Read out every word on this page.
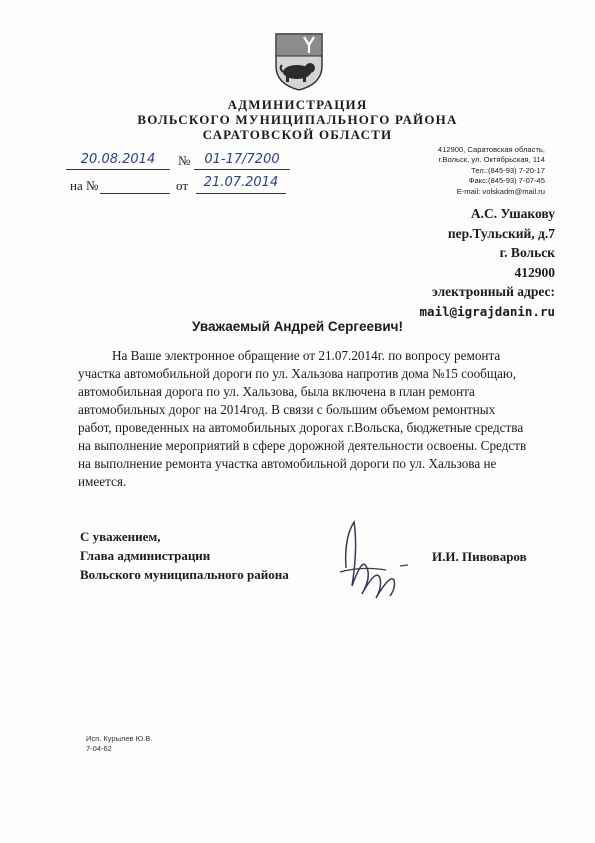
АДМИНИСТРАЦИЯ
ВОЛЬСКОГО МУНИЦИПАЛЬНОГО РАЙОНА
САРАТОВСКОЙ ОБЛАСТИ
412900, Саратовская область,
г.Вольск, ул. Октябрьская, 114
Тел.:(845-93) 7-20-17
Факс:(845-93) 7-07-45
E-mail: volskadm@mail.ru
20.08.2014	№	01-17/7200
на №	от	21.07.2014
А.С. Ушакову
пер.Тульский, д.7
г. Вольск
412900
электронный адрес:
mail@igrajdanin.ru
Уважаемый Андрей Сергеевич!
На Ваше электронное обращение от 21.07.2014г. по вопросу ремонта
участка автомобильной дороги по ул. Хальзова напротив дома №15 сообщаю,
автомобильная дорога по ул. Хальзова, была включена в план ремонта
автомобильных дорог на 2014год. В связи с большим объемом ремонтных
работ, проведенных на автомобильных дорогах г.Вольска, бюджетные средства
на выполнение мероприятий в сфере дорожной деятельности освоены. Средств
на выполнение ремонта участка автомобильной дороги по ул. Хальзова не
имеется.
С уважением,
Глава администрации
Вольского муниципального района
И.И. Пивоваров
Исп. Курылев Ю.В.
7-04-62
